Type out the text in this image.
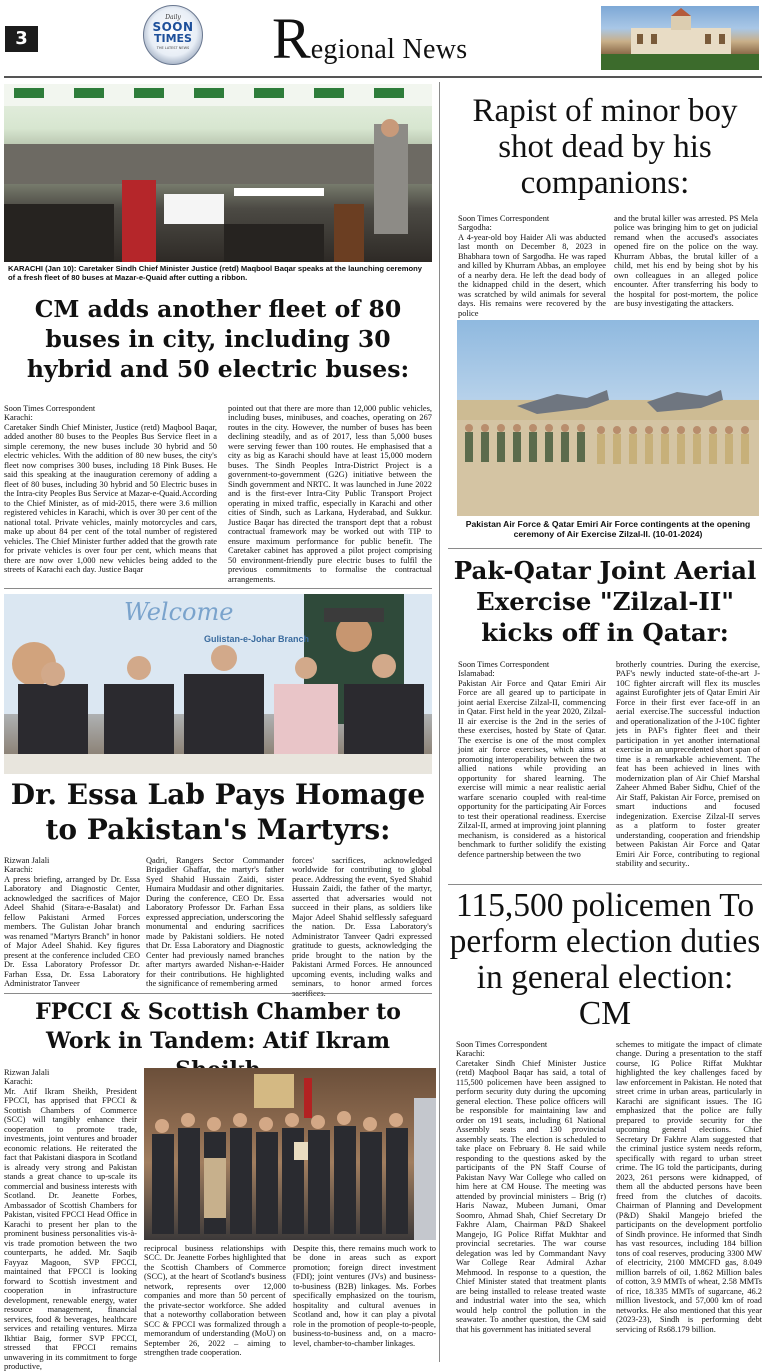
3
Daily
SOON
TIMES
THE LATEST NEWS Regional News
KARACHI (Jan 10): Caretaker Sindh Chief Minister Justice (retd) Maqbool Baqar speaks at the launching ceremony of a fresh fleet of 80 buses at Mazar-e-Quaid after cutting a ribbon.
CM adds another fleet of 80 buses in city, including 30 hybrid and 50 electric buses:
Soon Times Correspondent
Karachi:
Caretaker Sindh Chief Minister, Justice (retd) Maqbool Baqar, added another 80 buses to the Peoples Bus Service fleet in a simple ceremony, the new buses include 30 hybrid and 50 electric vehicles. With the addition of 80 new buses, the city's fleet now comprises 300 buses, including 18 Pink Buses. He said this speaking at the inauguration ceremony of adding a fleet of 80 buses, including 30 hybrid and 50 Electric buses in the Intra-city Peoples Bus Service at Mazar-e-Quaid.According to the Chief Minister, as of mid-2015, there were 3.6 million registered vehicles in Karachi, which is over 30 per cent of the national total. Private vehicles, mainly motorcycles and cars, make up about 84 per cent of the total number of registered vehicles. The Chief Minister further added that the growth rate for private vehicles is over four per cent, which means that there are now over 1,000 new vehicles being added to the streets of Karachi each day. Justice Baqar
pointed out that there are more than 12,000 public vehicles, including buses, minibuses, and coaches, operating on 267 routes in the city. However, the number of buses has been declining steadily, and as of 2017, less than 5,000 buses were serving fewer than 100 routes. He emphasised that a city as big as Karachi should have at least 15,000 modern buses. The Sindh Peoples Intra-District Project is a government-to-government (G2G) initiative between the Sindh government and NRTC. It was launched in June 2022 and is the first-ever Intra-City Public Transport Project operating in mixed traffic, especially in Karachi and other cities of Sindh, such as Larkana, Hyderabad, and Sukkur. Justice Baqar has directed the transport dept that a robust contractual framework may be worked out with TIP to ensure maximum performance for public benefit. The Caretaker cabinet has approved a pilot project comprising 50 environment-friendly pure electric buses to fulfil the previous commitments to formalise the contractual arrangements.
Welcome
Gulistan-e-Johar Branch
Dr. Essa Lab Pays Homage to Pakistan's Martyrs:
Rizwan Jalali
Karachi:
A press briefing, arranged by Dr. Essa Laboratory and Diagnostic Center, acknowledged the sacrifices of Major Adeel Shahid (Sitara-e-Basalat) and fellow Pakistani Armed Forces members. The Gulistan Johar branch was renamed "Martyrs Branch" in honor of Major Adeel Shahid. Key figures present at the conference included CEO Dr. Essa Laboratory Professor Dr. Farhan Essa, Dr. Essa Laboratory Administrator Tanveer
Qadri, Rangers Sector Commander Brigadier Ghaffar, the martyr's father Syed Shahid Hussain Zaidi, sister Humaira Muddasir and other dignitaries. During the conference, CEO Dr. Essa Laboratory Professor Dr. Farhan Essa expressed appreciation, underscoring the monumental and enduring sacrifices made by Pakistani soldiers. He noted that Dr. Essa Laboratory and Diagnostic Center had previously named branches after martyrs awarded Nishan-e-Haider for their contributions. He highlighted the significance of remembering armed
forces' sacrifices, acknowledged worldwide for contributing to global peace. Addressing the event, Syed Shahid Hussain Zaidi, the father of the martyr, asserted that adversaries would not succeed in their plans, as soldiers like Major Adeel Shahid selflessly safeguard the nation. Dr. Essa Laboratory's Administrator Tanveer Qadri expressed gratitude to guests, acknowledging the pride brought to the nation by the Pakistani Armed Forces. He announced upcoming events, including walks and seminars, to honor armed forces
FPCCI & Scottish Chamber to Work in Tandem: Atif Ikram
Rizwan Jalali
Karachi:
Mr. Atif Ikram Sheikh, President FPCCI, has apprised that FPCCI & Scottish Chambers of Commerce (SCC) will tangibly enhance their cooperation to promote trade, investments, joint ventures and broader economic relations. He reiterated the fact that Pakistani diaspora in Scotland is already very strong and Pakistan stands a great chance to up-scale its commercial and business interests with Scotland. Dr. Jeanette Forbes, Ambassador of Scottish Chambers for Pakistan, visited FPCCI Head Office in Karachi to present her plan to the prominent business personalities vis-à-vis trade promotion between the two counterparts, he added. Mr. Saqib Fayyaz Magoon, SVP FPCCI, maintained that FPCCI is looking forward to Scottish investment and cooperation in infrastructure development, renewable energy, water resource management, financial services, food & beverages, healthcare services and retailing ventures. Mirza Ikhtiar Baig, former SVP FPCCI, stressed that FPCCI remains unwavering in its commitment to forge productive,
reciprocal business relationships with SCC. Dr. Jeanette Forbes highlighted that the Scottish Chambers of Commerce (SCC), at the heart of Scotland's business network, represents over 12,000 companies and more than 50 percent of the private-sector workforce. She added that a noteworthy collaboration between SCC & FPCCI was formalized through a memorandum of understanding (MoU) on September 26, 2022 – aiming to strengthen trade cooperation.
Despite this, there remains much work to be done in areas such as export promotion; foreign direct investment (FDI); joint ventures (JVs) and business-to-business (B2B) linkages. Ms. Forbes specifically emphasized on the tourism, hospitality and cultural avenues in Scotland and, how it can play a pivotal role in the promotion of people-to-people, business-to-business and, on a macro-level, chamber-to-chamber linkages.
Rapist of minor boy shot dead by his companions:
Soon Times Correspondent
Sargodha:
A 4-year-old boy Haider Ali was abducted last month on December 8, 2023 in Bhabhara town of Sargodha. He was raped and killed by Khurram Abbas, an employee of a nearby dera. He left the dead body of the kidnapped child in the desert, which was scratched by wild animals for several days. His remains were recovered by the police
and the brutal killer was arrested. PS Mela police was bringing him to get on judicial remand when the accused's associates opened fire on the police on the way. Khurram Abbas, the brutal killer of a child, met his end by being shot by his own colleagues in an alleged police encounter. After transferring his body to the hospital for post-mortem, the police are busy investigating the attackers.
Pakistan Air Force & Qatar Emiri Air Force contingents at the opening ceremony of Air Exercise Zilzal-II. (10-01-2024)
Pak-Qatar Joint Aerial Exercise "Zilzal-II" kicks off in Qatar:
Soon Times Correspondent
Islamabad:
Pakistan Air Force and Qatar Emiri Air Force are all geared up to participate in joint aerial Exercise Zilzal-II, commencing in Qatar. First held in the year 2020, Zilzal-II air exercise is the 2nd in the series of these exercises, hosted by State of Qatar. The exercise is one of the most complex joint air force exercises, which aims at promoting interoperability between the two allied nations while providing an opportunity for shared learning. The exercise will mimic a near realistic aerial warfare scenario coupled with real-time opportunity for the participating Air Forces to test their operational readiness. Exercise Zilzal-II, armed at improving joint planning mechanism, is considered as a historical benchmark to further solidify the existing defence partnership between the two
brotherly countries. During the exercise, PAF's newly inducted state-of-the-art J-10C fighter aircraft will flex its muscles against Eurofighter jets of Qatar Emiri Air Force in their first ever face-off in an aerial exercise.The successful induction and operationalization of the J-10C fighter jets in PAF's fighter fleet and their participation in yet another international exercise in an unprecedented short span of time is a remarkable achievement. The feat has been achieved in lines with modernization plan of Air Chief Marshal Zaheer Ahmed Baber Sidhu, Chief of the Air Staff, Pakistan Air Force, premised on smart inductions and focused indegenization. Exercise Zilzal-II serves as a platform to foster greater understanding, cooperation and friendship between Pakistan Air Force and Qatar Emiri Air Force, contributing to regional stability and security..
115,500 policemen To perform election duties in general election: CM
Soon Times Correspondent
Karachi:
Caretaker Sindh Chief Minister Justice (retd) Maqbool Baqar has said, a total of 115,500 policemen have been assigned to perform security duty during the upcoming general election. These police officers will be responsible for maintaining law and order on 191 seats, including 61 National Assembly seats and 130 provincial assembly seats. The election is scheduled to take place on February 8. He said while responding to the questions asked by the participants of the PN Staff Course of Pakistan Navy War College who called on him here at CM House. The meeting was attended by provincial ministers – Brig (r) Haris Nawaz, Mubeen Jumani, Omar Soomro, Ahmad Shah, Chief Secretary Dr Fakhre Alam, Chairman P&D Shakeel Mangejo, IG Police Riffat Mukhtar and provincial secretaries. The war course delegation was led by Commandant Navy War College Rear Admiral Azhar Mehmood. In response to a question, the Chief Minister stated that treatment plants are being installed to release treated waste and industrial water into the sea, which would help control the pollution in the seawater. To another question, the CM said that his government has initiated several
schemes to mitigate the impact of climate change. During a presentation to the staff course, IG Police Riffat Mukhtar highlighted the key challenges faced by law enforcement in Pakistan. He noted that street crime in urban areas, particularly in Karachi are significant issues. The IG emphasized that the police are fully prepared to provide security for the upcoming general elections. Chief Secretary Dr Fakhre Alam suggested that the criminal justice system needs reform, specifically with regard to urban street crime. The IG told the participants, during 2023, 261 persons were kidnapped, of them all the abducted persons have been freed from the clutches of dacoits. Chairman of Planning and Development (P&D) Shakil Mangejo briefed the participants on the development portfolio of Sindh province. He informed that Sindh has vast resources, including 184 billion tons of coal reserves, producing 3300 MW of electricity, 2100 MMCFD gas, 8.049 million barrels of oil, 1.862 Million bales of cotton, 3.9 MMTs of wheat, 2.58 MMTs of rice, 18.335 MMTs of sugarcane, 46.2 million livestock, and 57,000 km of road networks. He also mentioned that this year (2023-23), Sindh is performing debt servicing of Rs68.179 billion.
